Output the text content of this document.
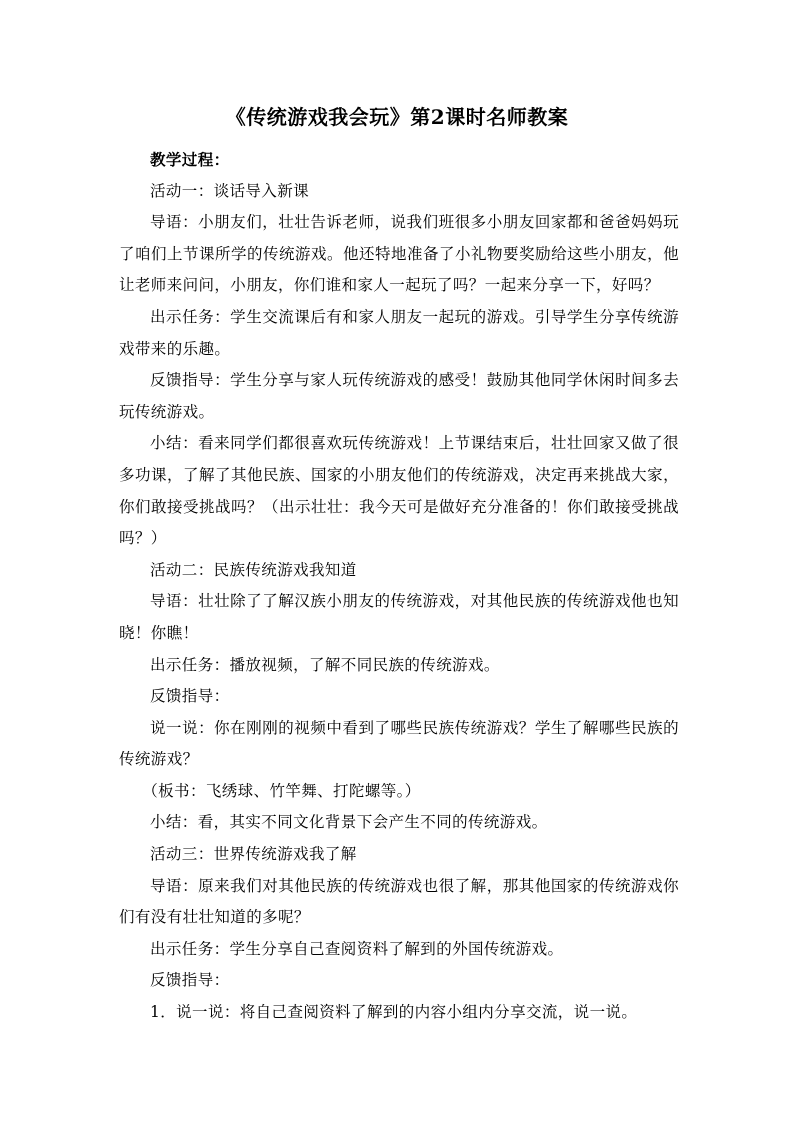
《传统游戏我会玩》第2课时名师教案

教学过程：

活动一：谈话导入新课

导语：小朋友们，壮壮告诉老师，说我们班很多小朋友回家都和爸爸妈妈玩了咱们上节课所学的传统游戏。他还特地准备了小礼物要奖励给这些小朋友，他让老师来问问，小朋友，你们谁和家人一起玩了吗？一起来分享一下，好吗？

出示任务：学生交流课后有和家人朋友一起玩的游戏。引导学生分享传统游戏带来的乐趣。

反馈指导：学生分享与家人玩传统游戏的感受！鼓励其他同学休闲时间多去玩传统游戏。

小结：看来同学们都很喜欢玩传统游戏！上节课结束后，壮壮回家又做了很多功课，了解了其他民族、国家的小朋友他们的传统游戏，决定再来挑战大家，你们敢接受挑战吗？（出示壮壮：我今天可是做好充分准备的！你们敢接受挑战吗？）

活动二：民族传统游戏我知道

导语：壮壮除了了解汉族小朋友的传统游戏，对其他民族的传统游戏他也知晓！你瞧！

出示任务：播放视频，了解不同民族的传统游戏。

反馈指导：

说一说：你在刚刚的视频中看到了哪些民族传统游戏？学生了解哪些民族的传统游戏？

（板书：飞绣球、竹竿舞、打陀螺等。）

小结：看，其实不同文化背景下会产生不同的传统游戏。

活动三：世界传统游戏我了解

导语：原来我们对其他民族的传统游戏也很了解，那其他国家的传统游戏你们有没有壮壮知道的多呢？

出示任务：学生分享自己查阅资料了解到的外国传统游戏。

反馈指导：

1．说一说：将自己查阅资料了解到的内容小组内分享交流，说一说。
